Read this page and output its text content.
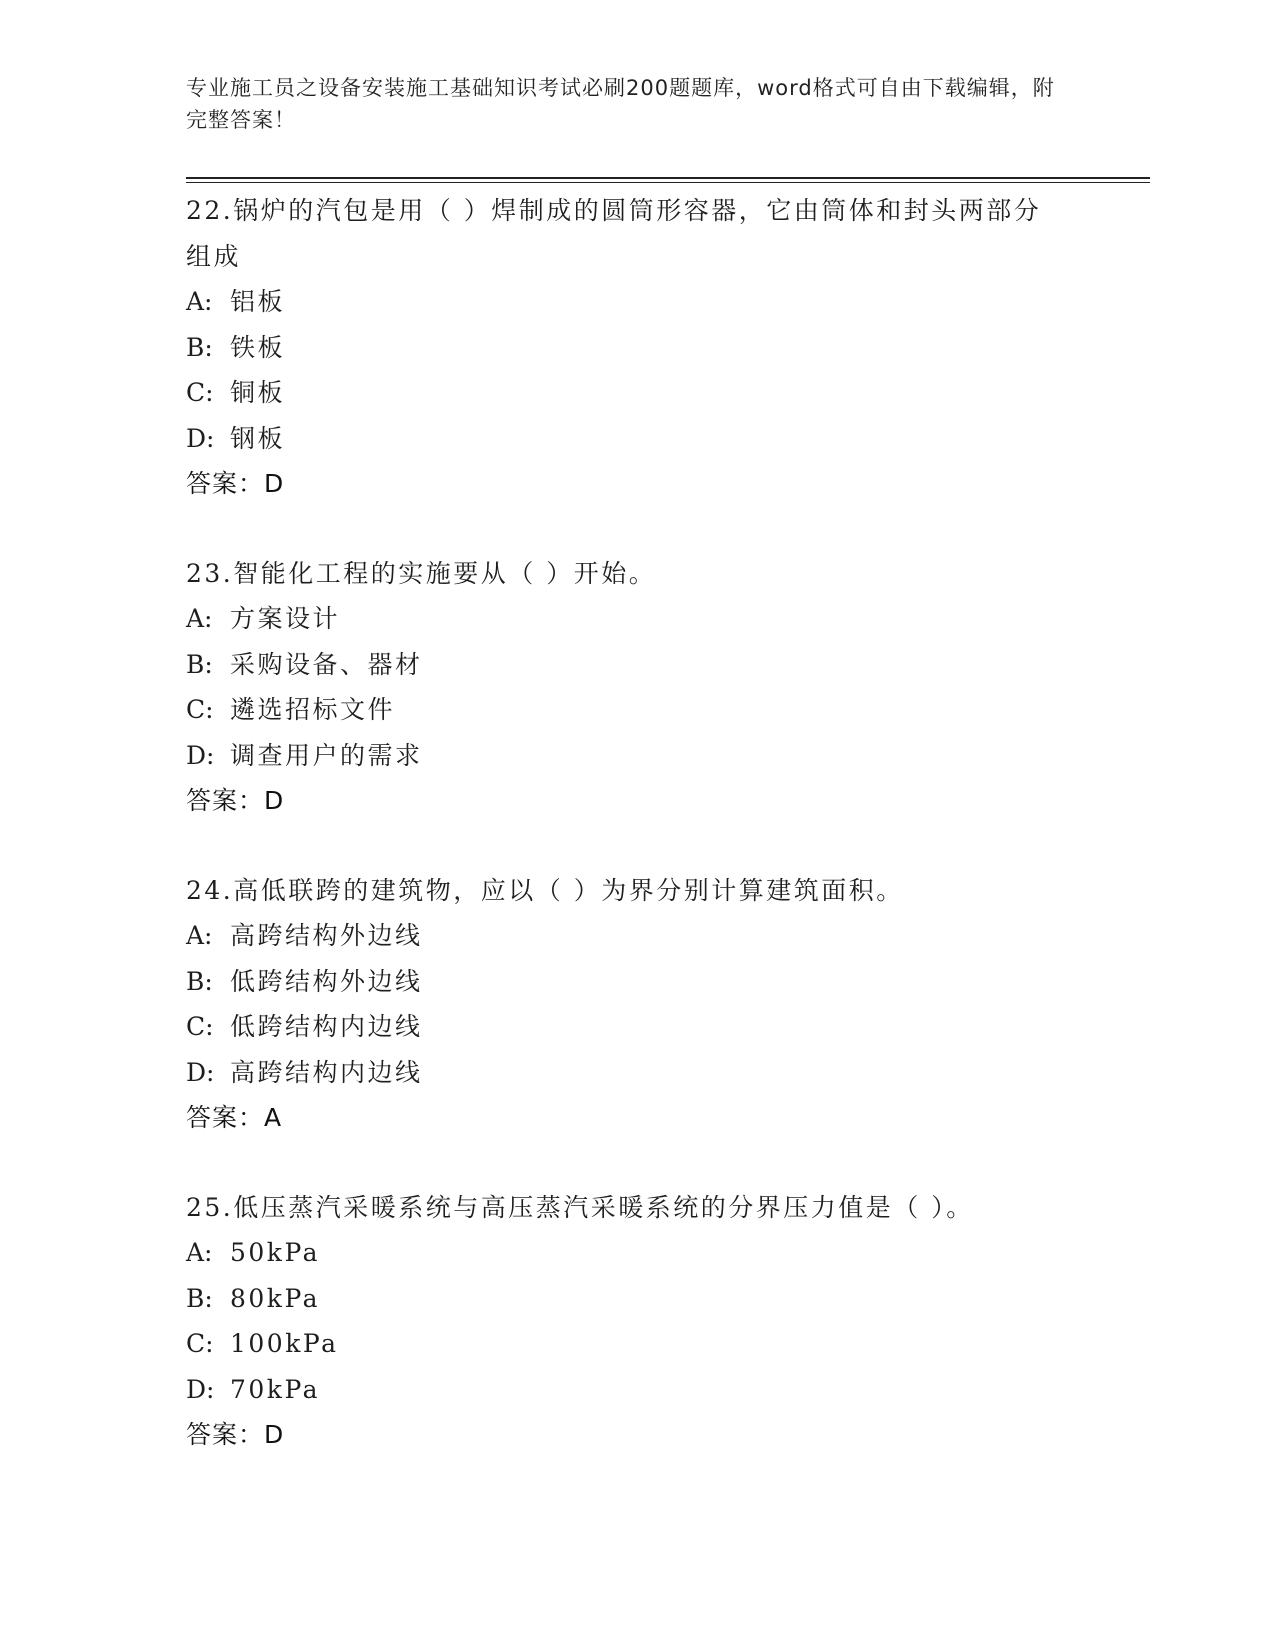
专业施工员之设备安装施工基础知识考试必刷200题题库，word格式可自由下载编辑，附完整答案！
22.锅炉的汽包是用（ ）焊制成的圆筒形容器，它由筒体和封头两部分组成
A: 铝板
B: 铁板
C: 铜板
D: 钢板
答案：D
23.智能化工程的实施要从（ ）开始。
A: 方案设计
B: 采购设备、器材
C: 遴选招标文件
D: 调查用户的需求
答案：D
24.高低联跨的建筑物，应以（ ）为界分别计算建筑面积。
A: 高跨结构外边线
B: 低跨结构外边线
C: 低跨结构内边线
D: 高跨结构内边线
答案：A
25.低压蒸汽采暖系统与高压蒸汽采暖系统的分界压力值是（ ）。
A: 50kPa
B: 80kPa
C: 100kPa
D: 70kPa
答案：D
